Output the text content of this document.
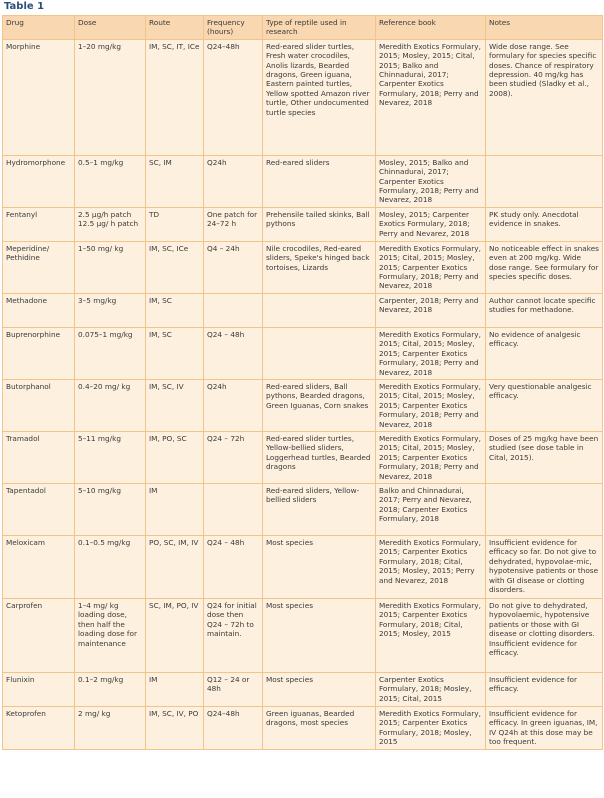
Table 1
Drug	Dose	Route	Frequency (hours)	Type of reptile used in research	Reference book	Notes
Morphine	1–20 mg/kg	IM, SC, IT, ICe	Q24–48h	Red-eared slider turtles, Fresh water crocodiles, Anolis lizards, Bearded dragons, Green iguana, Eastern painted turtles, Yellow spotted Amazon river turtle, Other undocumented turtle species	Meredith Exotics Formulary, 2015; Mosley, 2015; Cital, 2015; Balko and Chinnadurai, 2017; Carpenter Exotics Formulary, 2018; Perry and Nevarez, 2018	Wide dose range. See formulary for species specific doses. Chance of respiratory depression. 40 mg/kg has been studied (Sladky et al., 2008).
Hydromorphone	0.5–1 mg/kg	SC, IM	Q24h	Red-eared sliders	Mosley, 2015; Balko and Chinnadurai, 2017; Carpenter Exotics Formulary, 2018; Perry and Nevarez, 2018	
Fentanyl	2.5 μg/h patch 12.5 μg/ h patch	TD	One patch for 24–72 h	Prehensile tailed skinks, Ball pythons	Mosley, 2015; Carpenter Exotics Formulary, 2018; Perry and Nevarez, 2018	PK study only. Anecdotal evidence in snakes.
Meperidine/ Pethidine	1–50 mg/ kg	IM, SC, ICe	Q4 – 24h	Nile crocodiles, Red-eared sliders, Speke's hinged back tortoises, Lizards	Meredith Exotics Formulary, 2015; Cital, 2015; Mosley, 2015; Carpenter Exotics Formulary, 2018; Perry and Nevarez, 2018	No noticeable effect in snakes even at 200 mg/kg. Wide dose range. See formulary for species specific doses.
Methadone	3–5 mg/kg	IM, SC			Carpenter, 2018; Perry and Nevarez, 2018	Author cannot locate specific studies for methadone.
Buprenorphine	0.075–1 mg/kg	IM, SC	Q24 – 48h		Meredith Exotics Formulary, 2015; Cital, 2015; Mosley, 2015; Carpenter Exotics Formulary, 2018; Perry and Nevarez, 2018	No evidence of analgesic efficacy.
Butorphanol	0.4–20 mg/ kg	IM, SC, IV	Q24h	Red-eared sliders, Ball pythons, Bearded dragons, Green Iguanas, Corn snakes	Meredith Exotics Formulary, 2015; Cital, 2015; Mosley, 2015; Carpenter Exotics Formulary, 2018; Perry and Nevarez, 2018	Very questionable analgesic efficacy.
Tramadol	5–11 mg/kg	IM, PO, SC	Q24 – 72h	Red-eared slider turtles, Yellow-bellied sliders, Loggerhead turtles, Bearded dragons	Meredith Exotics Formulary, 2015; Cital, 2015; Mosley, 2015; Carpenter Exotics Formulary, 2018; Perry and Nevarez, 2018	Doses of 25 mg/kg have been studied (see dose table in Cital, 2015).
Tapentadol	5–10 mg/kg	IM		Red-eared sliders, Yellow-bellied sliders	Balko and Chinnadurai, 2017; Perry and Nevarez, 2018; Carpenter Exotics Formulary, 2018	
Meloxicam	0.1–0.5 mg/kg	PO, SC, IM, IV	Q24 – 48h	Most species	Meredith Exotics Formulary, 2015; Carpenter Exotics Formulary, 2018; Cital, 2015; Mosley, 2015; Perry and Nevarez, 2018	Insufficient evidence for efficacy so far. Do not give to dehydrated, hypovolae-mic, hypotensive patients or those with GI disease or clotting disorders.
Carprofen	1–4 mg/ kg loading dose, then half the loading dose for maintenance	SC, IM, PO, IV	Q24 for initial dose then Q24 – 72h to maintain.	Most species	Meredith Exotics Formulary, 2015; Carpenter Exotics Formulary, 2018; Cital, 2015; Mosley, 2015	Do not give to dehydrated, hypovolaemic, hypotensive patients or those with GI disease or clotting disorders. Insufficient evidence for efficacy.
Flunixin	0.1–2 mg/kg	IM	Q12 – 24 or 48h	Most species	Carpenter Exotics Formulary, 2018; Mosley, 2015; Cital, 2015	Insufficient evidence for efficacy.
Ketoprofen	2 mg/ kg	IM, SC, IV, PO	Q24–48h	Green iguanas, Bearded dragons, most species	Meredith Exotics Formulary, 2015; Carpenter Exotics Formulary, 2018; Mosley, 2015	Insufficient evidence for efficacy. In green iguanas, IM, IV Q24h at this dose may be too frequent.
